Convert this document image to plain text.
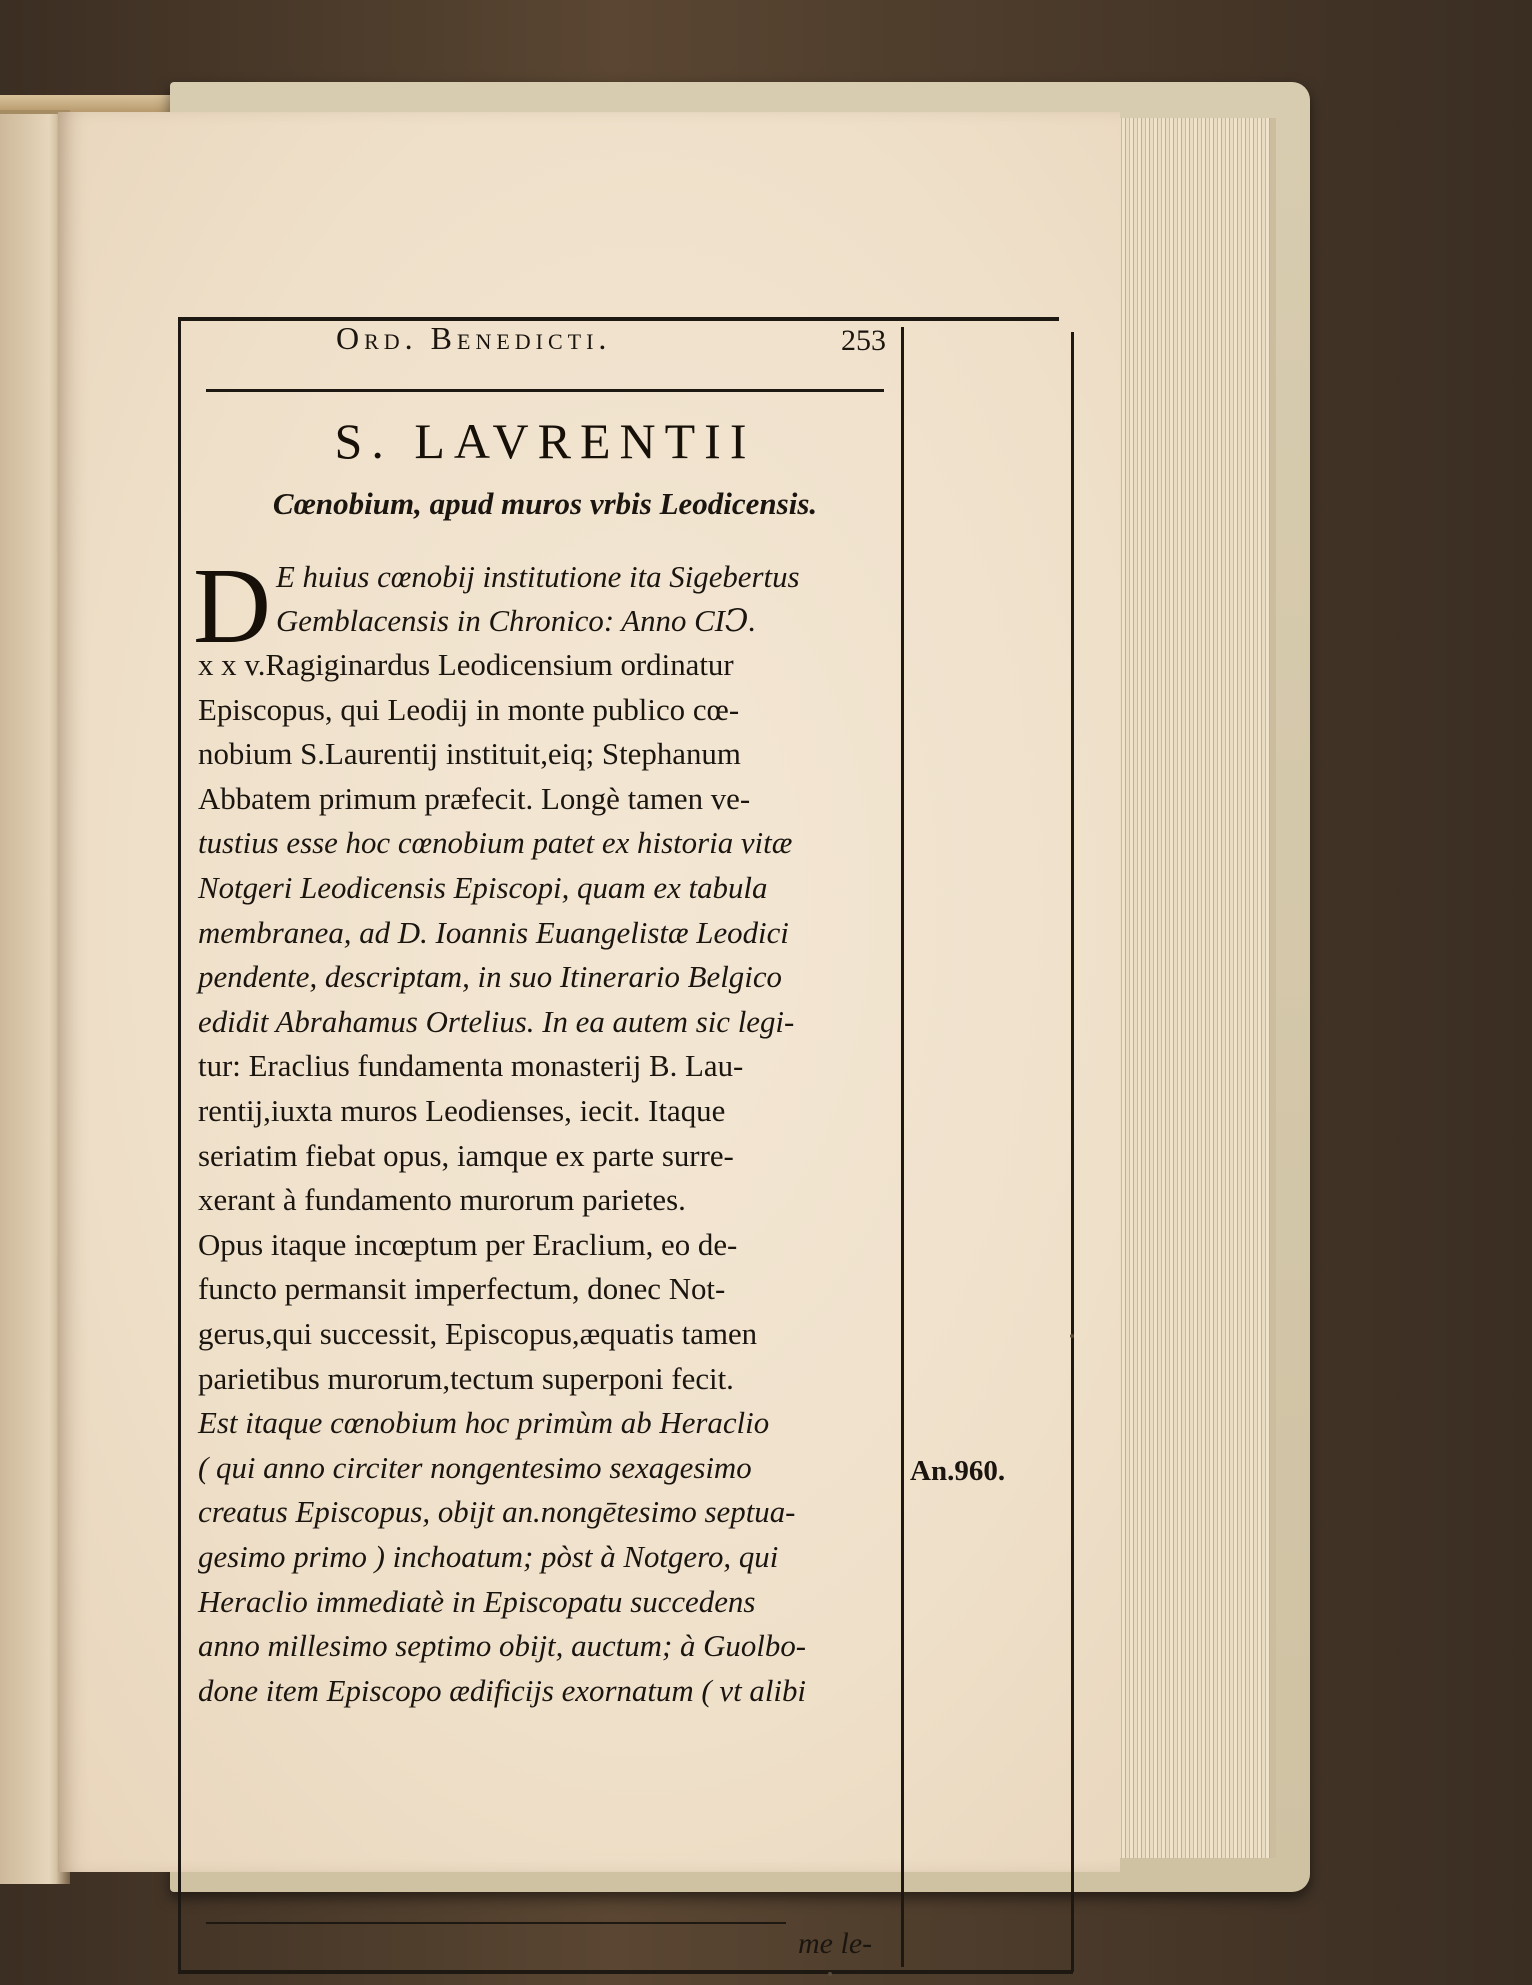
Ord. Benedicti.	253
S. LAVRENTII
Cœnobium, apud muros vrbis Leodicensis.
D E huius cœnobij institutione ita Sigebertus
Gemblacensis in Chronico: Anno CIↃ.
x x v.Ragiginardus Leodicensium ordinatur
Episcopus, qui Leodij in monte publico cœ-
nobium S.Laurentij instituit,eiq; Stephanum
Abbatem primum præfecit. Longè tamen ve-
tustius esse hoc cœnobium patet ex historia vitæ
Notgeri Leodicensis Episcopi, quam ex tabula
membranea, ad D. Ioannis Euangelistæ Leodici
pendente, descriptam, in suo Itinerario Belgico
edidit Abrahamus Ortelius. In ea autem sic legi-
tur: Eraclius fundamenta monasterij B. Lau-
rentij,iuxta muros Leodienses, iecit. Itaque
seriatim fiebat opus, iamque ex parte surre-
xerant à fundamento murorum parietes.
Opus itaque incœptum per Eraclium, eo de-
functo permansit imperfectum, donec Not-
gerus,qui successit, Episcopus,æquatis tamen
parietibus murorum,tectum superponi fecit.
Est itaque cœnobium hoc primùm ab Heraclio
( qui anno circiter nongentesimo sexagesimo
creatus Episcopus, obijt an.nongētesimo septua-
gesimo primo ) inchoatum; pòst à Notgero, qui
Heraclio immediatè in Episcopatu succedens
anno millesimo septimo obijt, auctum; à Guolbo-
done item Episcopo ædificijs exornatum ( vt alibi
me le-
An.960.
